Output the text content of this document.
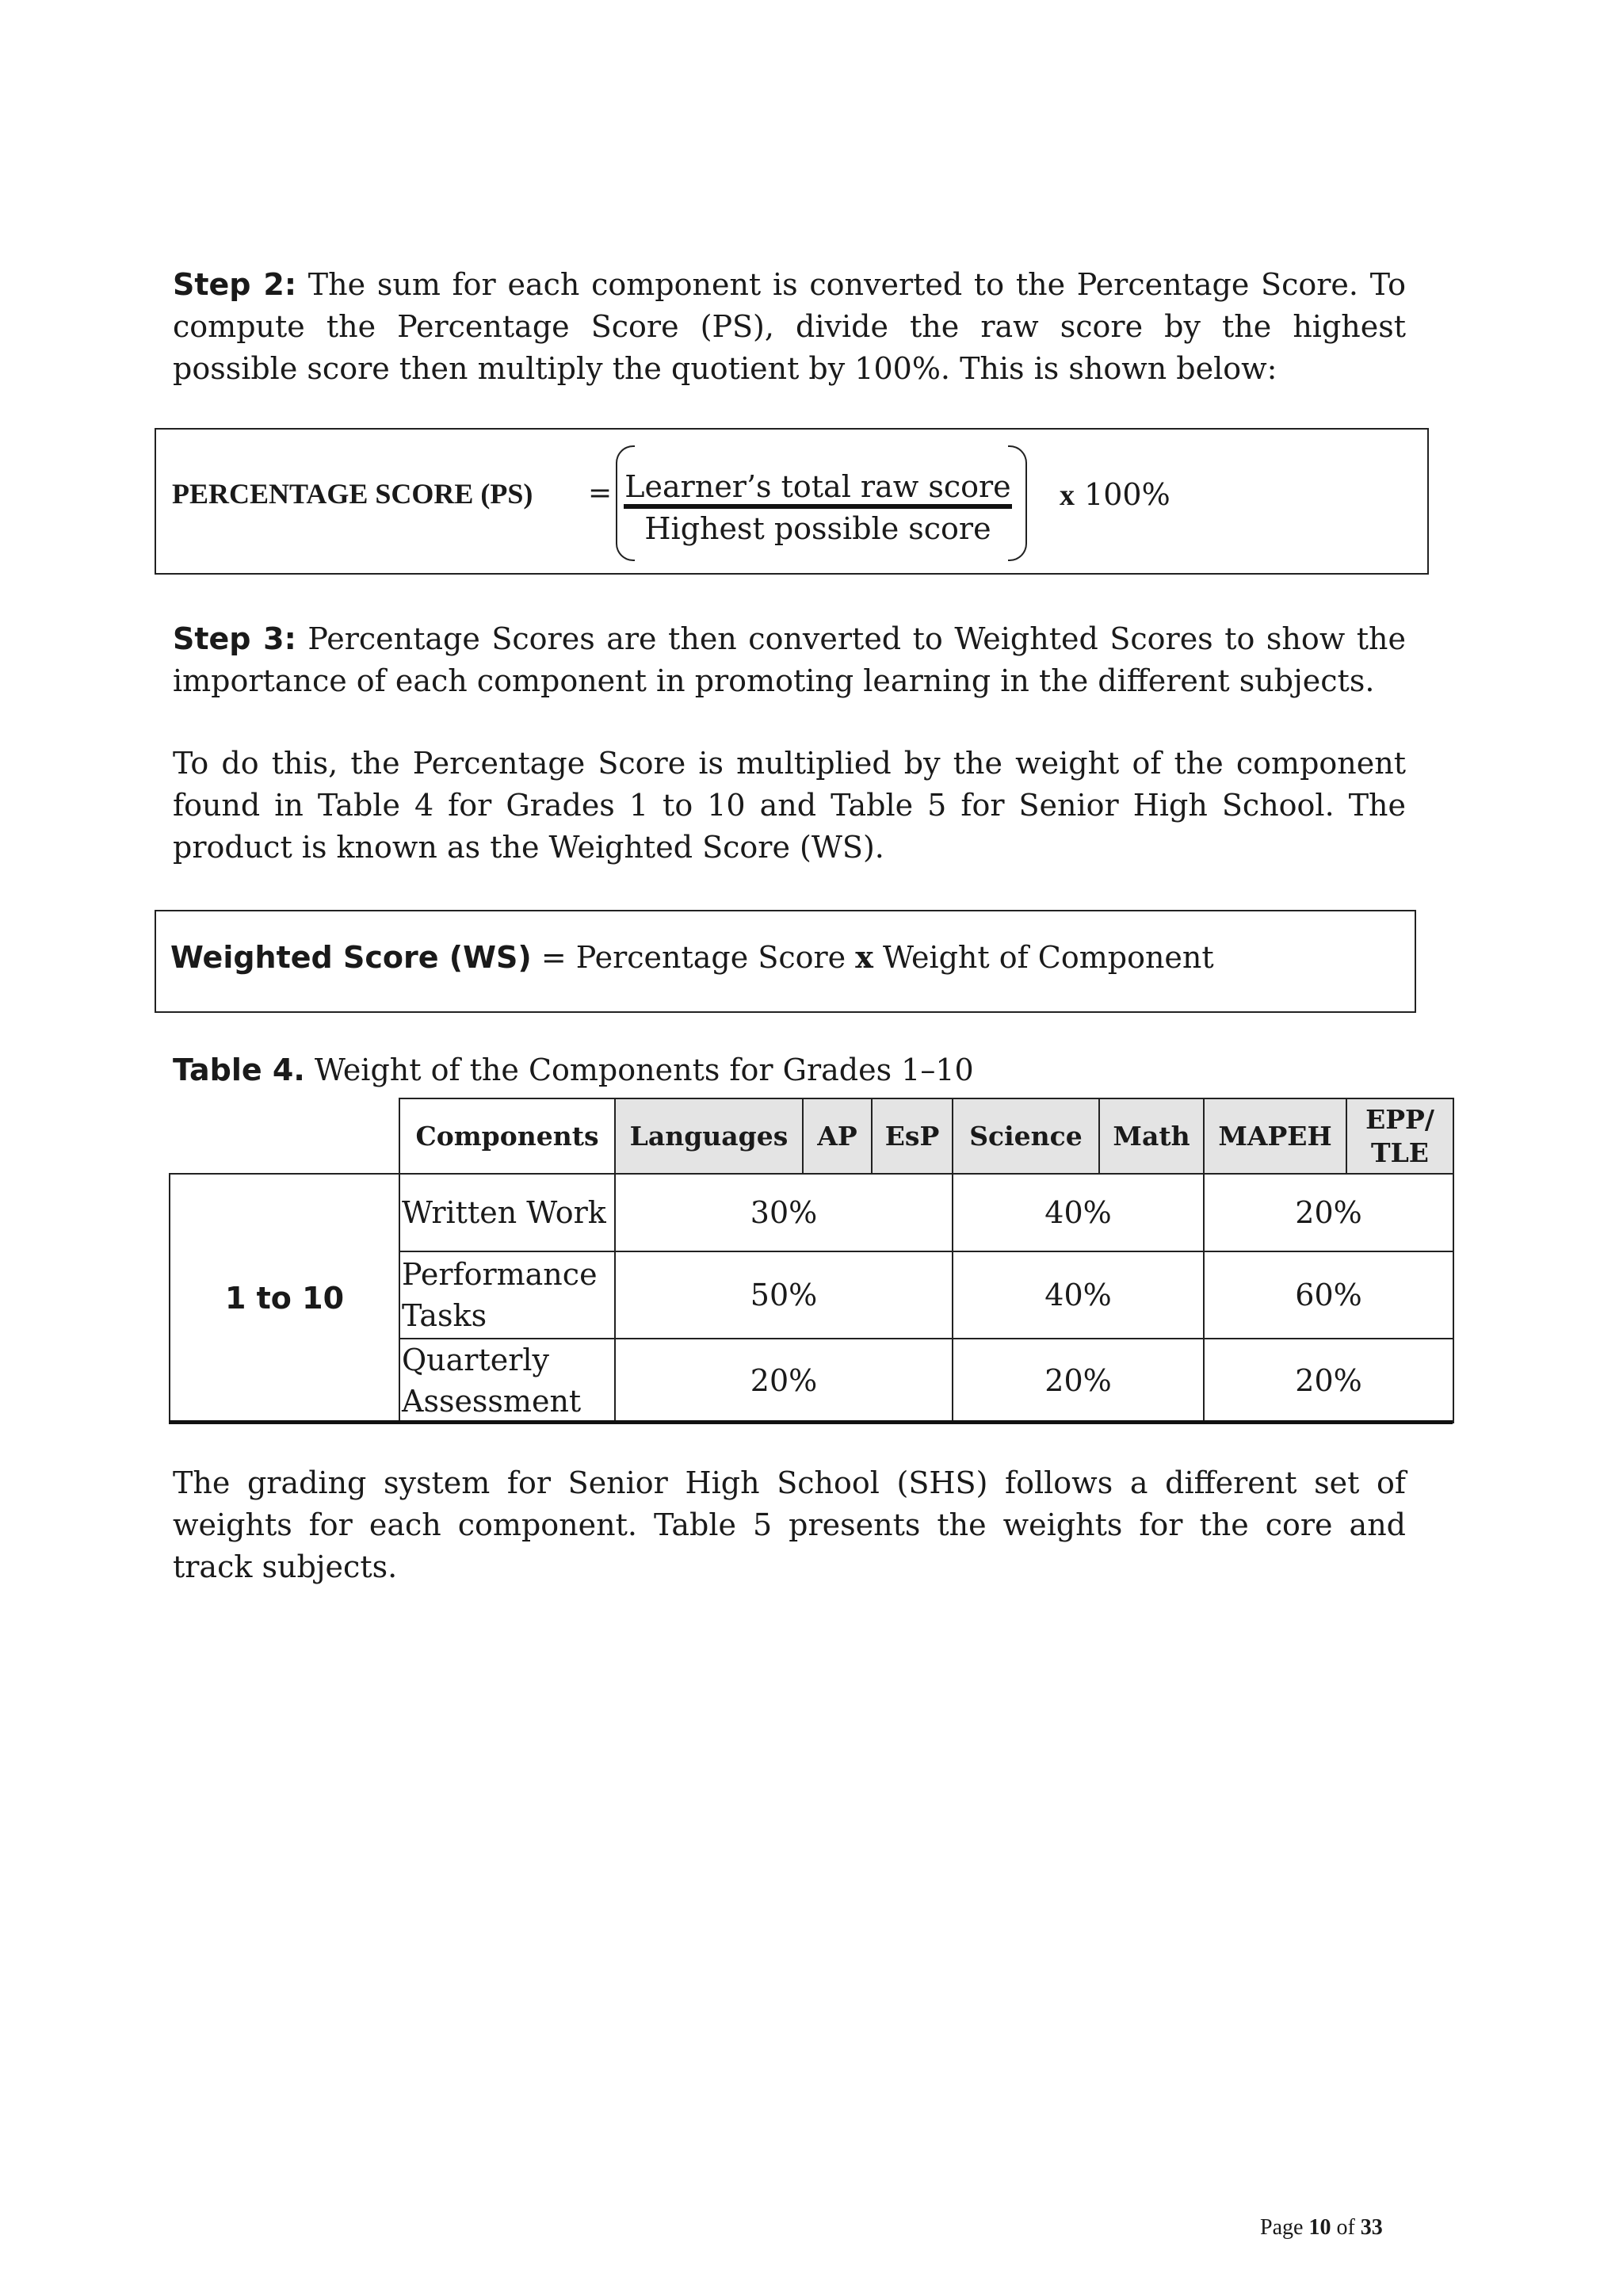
Step 2: The sum for each component is converted to the Percentage Score. To compute the Percentage Score (PS), divide the raw score by the highest possible score then multiply the quotient by 100%. This is shown below:

PERCENTAGE SCORE (PS) = Learner’s total raw score
Highest possible score
x 100%

Step 3: Percentage Scores are then converted to Weighted Scores to show the importance of each component in promoting learning in the different subjects.

To do this, the Percentage Score is multiplied by the weight of the component found in Table 4 for Grades 1 to 10 and Table 5 for Senior High School. The product is known as the Weighted Score (WS).

Weighted Score (WS) = Percentage Score x Weight of Component
Table 4. Weight of the Components for Grades 1–10
	Components	Languages	AP	EsP	Science	Math	MAPEH	EPP/
TLE
1 to 10	Written Work	30%			40%		20%	
	Performance Tasks	50%			40%		60%	
	Quarterly Assessment	20%			20%		20%	

The grading system for Senior High School (SHS) follows a different set of weights for each component. Table 5 presents the weights for the core and track subjects.

Page 10 of 33
